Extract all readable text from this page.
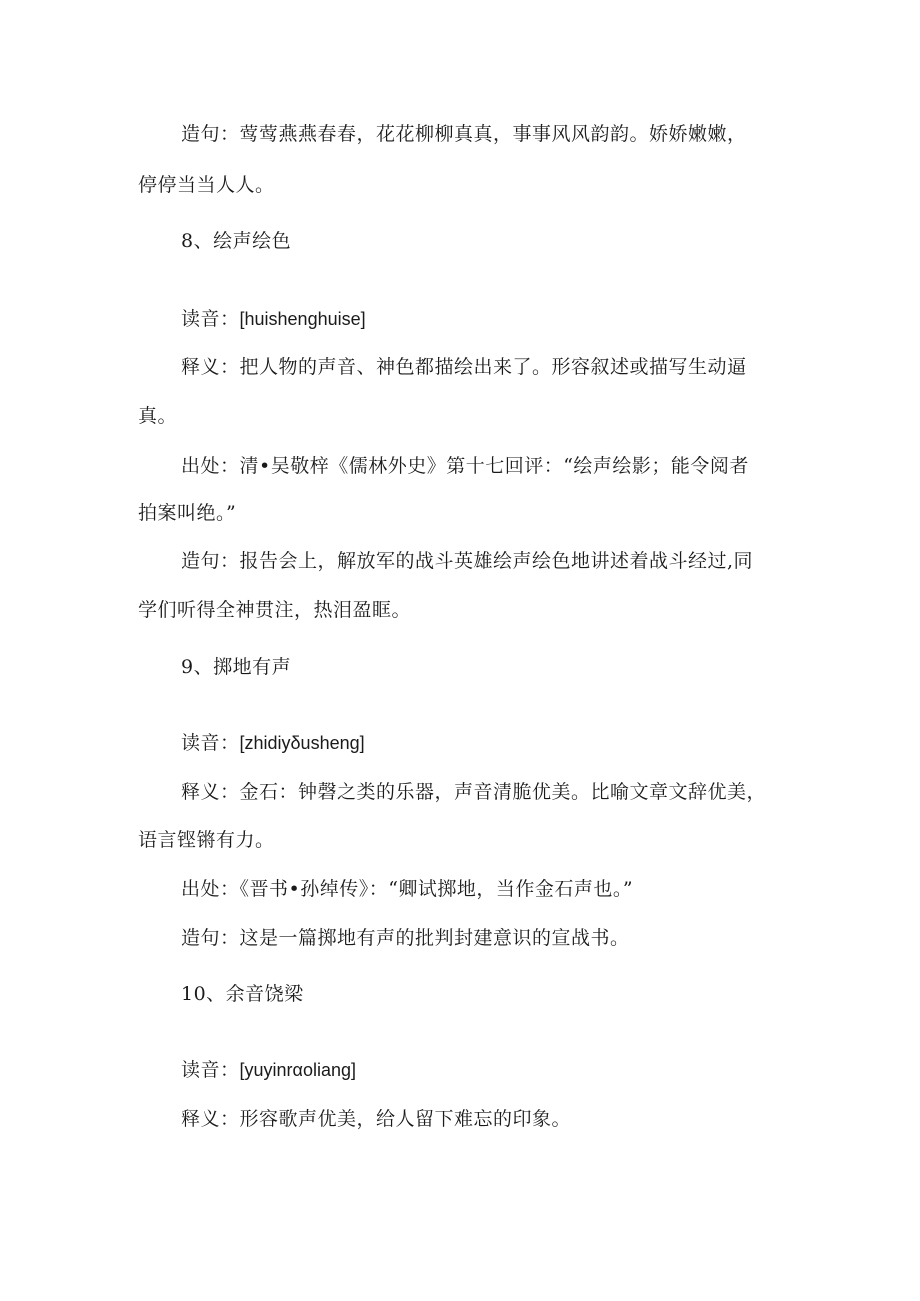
造句：莺莺燕燕春春，花花柳柳真真，事事风风韵韵。娇娇嫩嫩，
停停当当人人。
8、绘声绘色
读音：[huishenghuise]
释义：把人物的声音、神色都描绘出来了。形容叙述或描写生动逼
真。
出处：清•吴敬梓《儒林外史》第十七回评：“绘声绘影；能令阅者
拍案叫绝。”
造句：报告会上，解放军的战斗英雄绘声绘色地讲述着战斗经过,同
学们听得全神贯注，热泪盈眶。
9、掷地有声
读音：[zhidiyδusheng]
释义：金石：钟磬之类的乐器，声音清脆优美。比喻文章文辞优美，
语言铿锵有力。
出处：《晋书•孙绰传》：“卿试掷地，当作金石声也。”
造句：这是一篇掷地有声的批判封建意识的宣战书。
10、余音饶梁
读音：[yuyinrαoliang]
释义：形容歌声优美，给人留下难忘的印象。
